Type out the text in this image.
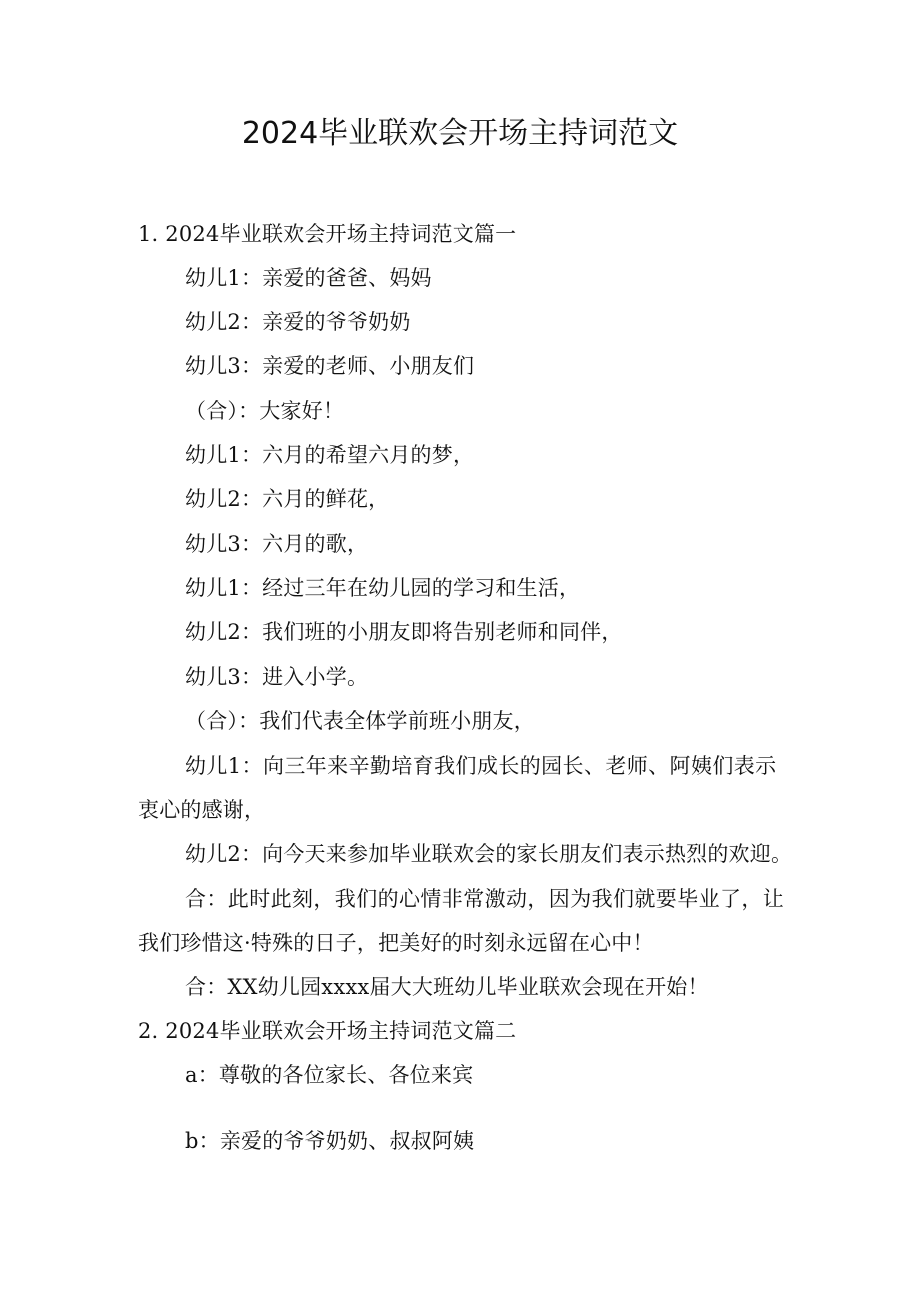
2024毕业联欢会开场主持词范文
1. 2024毕业联欢会开场主持词范文篇一
幼儿1：亲爱的爸爸、妈妈
幼儿2：亲爱的爷爷奶奶
幼儿3：亲爱的老师、小朋友们
（合）：大家好！
幼儿1：六月的希望六月的梦，
幼儿2：六月的鲜花，
幼儿3：六月的歌，
幼儿1：经过三年在幼儿园的学习和生活，
幼儿2：我们班的小朋友即将告别老师和同伴，
幼儿3：进入小学。
（合）：我们代表全体学前班小朋友，
幼儿1：向三年来辛勤培育我们成长的园长、老师、阿姨们表示
衷心的感谢，
幼儿2：向今天来参加毕业联欢会的家长朋友们表示热烈的欢迎。
合：此时此刻，我们的心情非常激动，因为我们就要毕业了，让
我们珍惜这·特殊的日子，把美好的时刻永远留在心中！
合：XX幼儿园xxxx届大大班幼儿毕业联欢会现在开始！
2. 2024毕业联欢会开场主持词范文篇二
a：尊敬的各位家长、各位来宾
b：亲爱的爷爷奶奶、叔叔阿姨
